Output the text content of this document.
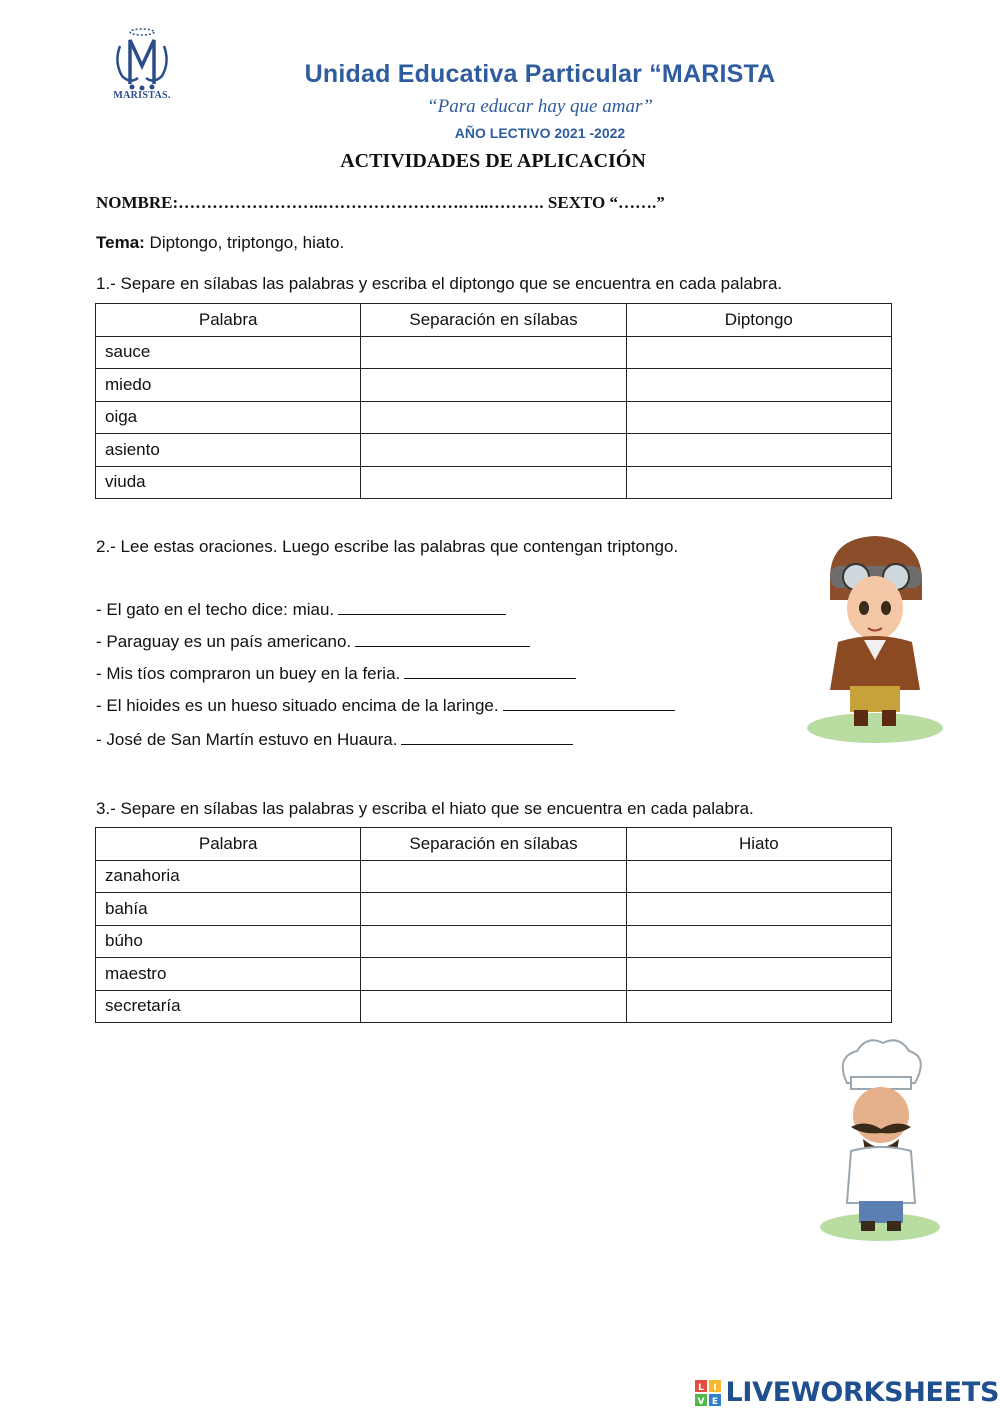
MARISTAS.
Unidad Educativa Particular “MARISTA
“Para educar hay que amar”
AÑO LECTIVO 2021 -2022
ACTIVIDADES DE APLICACIÓN
NOMBRE:……………………..…………………….…..………. SEXTO “…….”
Tema: Diptongo, triptongo, hiato.
1.- Separe en sílabas las palabras y escriba el diptongo que se encuentra en cada palabra.
Palabra	Separación en sílabas	Diptongo
sauce		
miedo		
oiga		
asiento		
viuda		
2.- Lee estas oraciones. Luego escribe las palabras que contengan triptongo.
- El gato en el techo dice: miau.
- Paraguay es un país americano.
- Mis tíos compraron un buey en la feria.
- El hioides es un hueso situado encima de la laringe.
- José de San Martín estuvo en Huaura.
3.- Separe en sílabas las palabras y escriba el hiato que se encuentra en cada palabra.
Palabra	Separación en sílabas	Hiato
zanahoria		
bahía		
búho		
maestro		
secretaría		
L I
V E LIVEWORKSHEETS
